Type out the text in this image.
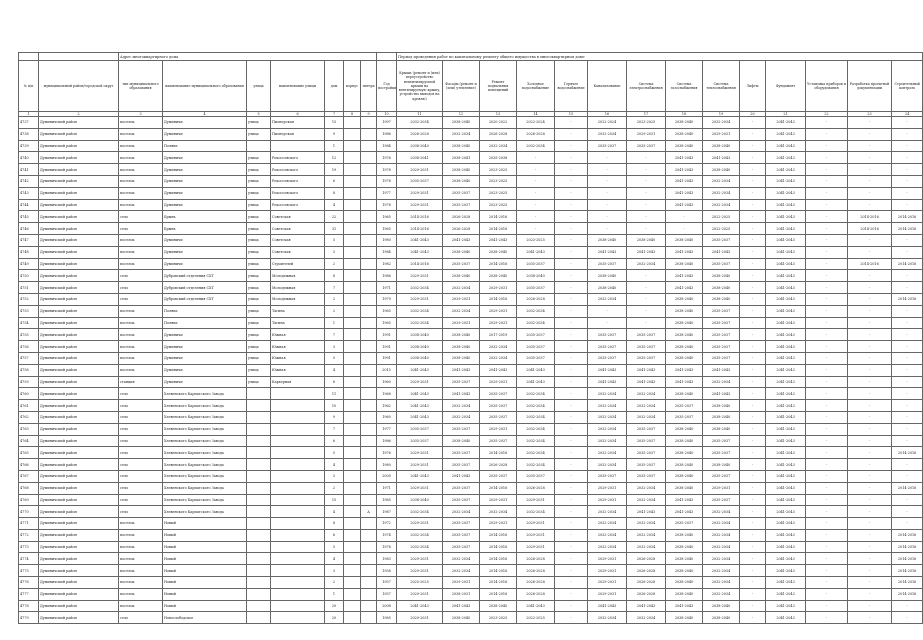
		Адрес многоквартирного дома								Период проведения работ по капитальному ремонту общего имущества в многоквартирном доме													
№ п/п	муниципальный район/городской округ	тип муниципального образования	наименование муниципального образования	улица	наименование улицы	дом	корпус	литера	Год постройки	Крыша (ремонт и (или) переустройство невентилируемой крыши на вентилируемую крышу, устройство выходов на кровлю)	Фасады (ремонт и (или) утепление)	Ремонт подвальных помещений	Холодное водоснабжение	Горячее водоснабжение	Канализование	Система электроснабжения	Система газоснабжения	Система теплоснабжения	Лифты	Фундамент	Установка приборов и оборудования	Разработка проектной документации	Строительный контроль
1	2	3	4	5	6	7	8	9	10	11	12	13	14	15	16	17	18	19	20	21	22	23	24
4737	Думиничский район	поселок	Думиничи	улица	Пионерская	15			1997	2032-2034	2038-2040	2020-2022	2022-2024	-	2022-2024	2023-2025	2038-2040	2032-2034	-	2041-2043	-	-	-
4738	Думиничский район	поселок	Думиничи	улица	Пионерская	9			1986	2026-2028	2032-2034	2026-2028	2026-2028	-	2032-2034	2029-2031	2038-2040	2029-2031	-	2041-2043	-	-	-
4739	Думиничский район	поселок	Поляна			1			1984	2038-2040	2038-2040	2032-2034	2032-2034	-	2035-2037	2035-2037	2038-2040	2038-2040	-	2041-2043	-	-	-
4740	Думиничский район	поселок	Думиничи	улица	Рокоссовского	12			1976	2038-2041	2038-2041	2035-2038	-	-	-	-	2041-2043	2041-2043	-	2041-2043	-	-	-
4741	Думиничский район	поселок	Думиничи	улица	Рокоссовского	19			1978	2029-2031	2038-2040	2023-2025	-	-	-	-	2041-2043	2038-2040	-	2041-2043	-	-	-
4742	Думиничский район	поселок	Думиничи	улица	Рокоссовского	6			1978	2035-2037	2038-2040	2023-2025	-	-	-	-	2041-2043	2032-2034	-	2041-2043	-	-	-
4743	Думиничский район	поселок	Думиничи	улица	Рокоссовского	8			1977	2029-2031	2035-2037	2023-2025	-	-	-	-	2041-2043	2032-2034	-	2041-2043	-	-	-
4744	Думиничский район	поселок	Думиничи	улица	Рокоссовского	4			1978	2029-2031	2035-2037	2023-2025	-	-	-	-	2041-2043	2032-2034	-	2041-2043	-	-	-
4745	Думиничский район	село	Брынь	улица	Советская	22			1965	2014-2016	2026-2028	2014-2016	-	-	-	-	-	2022-2025	-	2041-2043	-	2014-2016	2014-2016
4746	Думиничский район	село	Брынь	улица	Советская	31			1965	2014-2016	2026-2028	2014-2016	-	-	-	-	-	2022-2025	-	2041-2043	-	2014-2016	2014-2016
4747	Думиничский район	поселок	Думиничи	улица	Советская	5			1980	2041-2043	2041-2043	2041-2043	2023-2025	-	2038-2040	2038-2040	2038-2040	2035-2037	-	2041-2043	-	-	-
4748	Думиничский район	поселок	Думиничи	улица	Советская	3			1984	2041-2043	2038-2040	2038-2040	2041-2043	-	2041-2043	2041-2043	2041-2043	2041-2043	-	2041-2043	-	-	-
4749	Думиничский район	поселок	Думиничи	улица	Строителей	2			1982	2014-2016	2035-2037	2014-2016	2035-2037	-	2035-2037	2032-2034	2038-2040	2035-2037	-	2041-2043	-	2014-2016	2014-2016
4750	Думиничский район	село	Дубровский отделения СХТ	улица	Молодежная	8			1986	2029-2031	2038-2040	2038-2040	2038-2040	-	2038-2040	-	2041-2043	2038-2040	-	2041-2043	-	-	-
4751	Думиничский район	село	Дубровский отделения СХТ	улица	Молодежная	7			1971	2032-2034	2032-2034	2029-2031	2035-2037	-	2038-2040	-	2041-2043	2038-2040	-	2041-2043	-	-	-
4752	Думиничский район	село	Дубровский отделения СХТ	улица	Молодежная	2			1979	2029-2031	2029-2031	2014-2016	2026-2028	-	2032-2034	-	2038-2040	2038-2040	-	2041-2043	-	-	2014-2016
4753	Думиничский район	поселок	Поляна	улица	Тагина	2			1965	2032-2034	2032-2034	2029-2031	2032-2034	-	-	-	2038-2040	2035-2037	-	2041-2043	-	-	-
4754	Думиничский район	поселок	Поляна	улица	Тагина	1			1965	2032-2034	2029-2031	2029-2031	2032-2034	-	-	-	2038-2040	2035-2037	-	2041-2043	-	-	-
4755	Думиничский район	поселок	Думиничи	улица	Южная	7			1991	2038-2040	2038-2040	2017-2019	2035-2037	-	2035-2037	2035-2037	2038-2040	2035-2037	-	2041-2043	-	-	-
4756	Думиничский район	поселок	Думиничи	улица	Южная	3			1991	2038-2040	2038-2040	2032-2034	2035-2037	-	2035-2037	2035-2037	2038-2040	2035-2037	-	2041-2043	-	-	-
4757	Думиничский район	поселок	Думиничи	улица	Южная	5			1991	2038-2040	2038-2040	2032-2034	2035-2037	-	2035-2037	2035-2037	2038-2040	2035-2037	-	2041-2043	-	-	-
4758	Думиничский район	поселок	Думиничи	улица	Южная	4			2015	2041-2043	2041-2043	2041-2043	2041-2043	-	2041-2043	2041-2043	2041-2043	2041-2043	-	2041-2043	-	-	-
4759	Думиничский район	станция	Думиничи	улица	Карьерная	6			1960	2029-2031	2035-2037	2029-2031	2041-2043	-	2041-2043	2041-2043	2041-2043	2032-2034	-	2041-2043	-	-	-
4760	Думиничский район	село	Хлевенского Карпатского Завода			11			1968	2041-2043	2041-2043	2035-2037	2032-2034	-	2032-2034	2032-2034	2038-2040	2041-2043	-	2041-2043	-	-	-
4761	Думиничский район	село	Хлевенского Карпатского Завода			10			1962	2041-2043	2032-2034	2035-2037	2032-2034	-	2032-2034	2032-2034	2035-2037	2038-2040	-	2041-2043	-	-	-
4762	Думиничский район	село	Хлевенского Карпатского Завода			9			1960	2041-2043	2032-2034	2035-2037	2032-2034	-	2032-2034	2032-2034	2035-2037	2038-2040	-	2041-2043	-	-	-
4763	Думиничский район	село	Хлевенского Карпатского Завода			7			1977	2035-2037	2035-2037	2029-2031	2032-2034	-	2032-2034	2035-2037	2038-2040	2038-2040	-	2041-2043	-	-	-
4764	Думиничский район	село	Хлевенского Карпатского Завода			6			1986	2035-2037	2038-2040	2035-2037	2032-2034	-	2032-2034	2035-2037	2038-2040	2035-2037	-	2041-2043	-	-	-
4765	Думиничский район	село	Хлевенского Карпатского Завода			5			1976	2029-2031	2035-2037	2014-2016	2032-2034	-	2032-2034	2035-2037	2038-2040	2035-2037	-	2041-2043	-	-	2014-2016
4766	Думиничский район	село	Хлевенского Карпатского Завода			4			1980	2029-2031	2035-2037	2026-2028	2032-2034	-	2032-2034	2035-2037	2038-2040	2038-2040	-	2041-2043	-	-	-
4767	Думиничский район	село	Хлевенского Карпатского Завода			3			2005	2041-2043	2041-2043	2035-2037	2035-2037	-	2035-2037	2035-2037	2038-2040	2035-2037	-	2041-2043	-	-	-
4768	Думиничский район	село	Хлевенского Карпатского Завода			2			1971	2029-2031	2035-2037	2014-2016	2026-2028	-	2029-2031	2032-2034	2038-2040	2029-2031	-	2041-2043	-	-	2014-2016
4769	Думиничский район	село	Хлевенского Карпатского Завода			15			1985	2038-2040	2035-2037	2029-2031	2029-2031	-	2029-2031	2032-2034	2041-2043	2035-2037	-	2041-2043	-	-	-
4770	Думиничский район	село	Хлевенского Карпатского Завода			4		А	1987	2032-2034	2032-2034	2032-2034	2032-2034	-	2032-2034	2041-2043	2041-2043	2032-2034	-	2041-2043	-	-	-
4771	Думиничский район	поселок	Новый			8			1972	2029-2031	2035-2037	2029-2031	2029-2031	-	2032-2034	2032-2034	2035-2037	2032-2034	-	2041-2043	-	-	-
4772	Думиничский район	поселок	Новый			6			1974	2032-2034	2035-2037	2014-2016	2029-2031	-	2032-2034	2032-2034	2038-2040	2032-2034	-	2041-2043	-	-	2014-2016
4773	Думиничский район	поселок	Новый			5			1978	2032-2034	2035-2037	2014-2016	2029-2031	-	2032-2034	2032-2034	2038-2040	2032-2034	-	2041-2043	-	-	2014-2016
4774	Думиничский район	поселок	Новый			4			1983	2029-2031	2032-2034	2014-2016	2026-2028	-	2029-2031	2026-2028	2038-2040	2032-2034	-	2041-2043	-	-	2014-2016
4775	Думиничский район	поселок	Новый			3			1958	2029-2031	2032-2034	2014-2016	2026-2028	-	2029-2031	2026-2028	2038-2040	2032-2034	-	2041-2043	-	-	2014-2016
4776	Думиничский район	поселок	Новый			2			1957	2025-2025	2029-2031	2014-2016	2026-2028	-	2029-2031	2026-2028	2038-2040	2032-2034	-	2041-2043	-	-	2014-2016
4777	Думиничский район	поселок	Новый			1			1957	2029-2031	2038-2031	2014-2016	2026-2028	-	2029-2031	2026-2028	2038-2040	2032-2034	-	2041-2043	-	-	2014-2016
4778	Думиничский район	поселок	Новый			20			2008	2041-2043	2041-2043	2038-2040	2041-2043	-	2041-2043	2041-2043	2041-2043	2038-2040	-	2041-2043	-	-	-
4779	Думиничский район	село	Новослободское			20			1985	2029-2031	2038-2040	2023-2025	2022-2025	-	2032-2034	2032-2034	2038-2040	2038-2040	-	2041-2043	-	-	-
